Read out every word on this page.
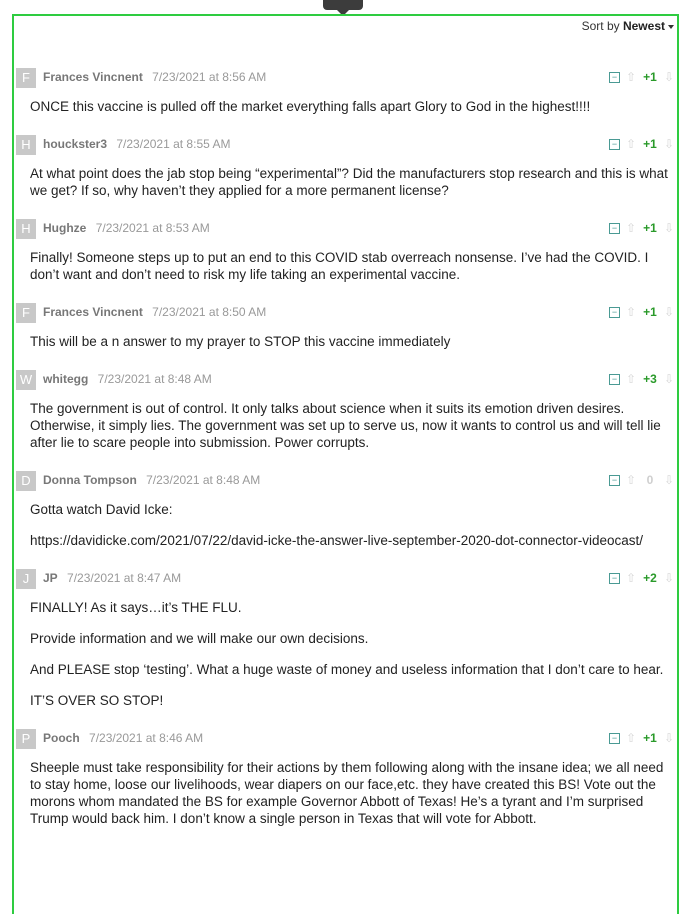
Sort by Newest
F	Frances Vincnent 7/23/2021 at 8:56 AM	− ⇧ +1 ⇩

ONCE this vaccine is pulled off the market everything falls apart Glory to God in the highest!!!!

H	houckster3 7/23/2021 at 8:55 AM	− ⇧ +1 ⇩

At what point does the jab stop being “experimental”? Did the manufacturers stop research and this is what we get? If so, why haven’t they applied for a more permanent license?

H	Hughze 7/23/2021 at 8:53 AM	− ⇧ +1 ⇩

Finally! Someone steps up to put an end to this COVID stab overreach nonsense. I’ve had the COVID. I don’t want and don’t need to risk my life taking an experimental vaccine.

F	Frances Vincnent 7/23/2021 at 8:50 AM	− ⇧ +1 ⇩

This will be a n answer to my prayer to STOP this vaccine immediately

W whitegg 7/23/2021 at 8:48 AM	− ⇧ +3 ⇩

The government is out of control. It only talks about science when it suits its emotion driven desires. Otherwise, it simply lies. The government was set up to serve us, now it wants to control us and will tell lie after lie to scare people into submission. Power corrupts.

D	Donna Tompson 7/23/2021 at 8:48 AM	− ⇧ 0 ⇩

Gotta watch David Icke:

https://davidicke.com/2021/07/22/david-icke-the-answer-live-september-2020-dot-connector-videocast/

J	JP 7/23/2021 at 8:47 AM	− ⇧ +2 ⇩

FINALLY! As it says…it’s THE FLU.

Provide information and we will make our own decisions.

And PLEASE stop ‘testing’. What a huge waste of money and useless information that I don’t care to hear.

IT’S OVER SO STOP!

P	Pooch 7/23/2021 at 8:46 AM	− ⇧ +1 ⇩

Sheeple must take responsibility for their actions by them following along with the insane idea; we all need to stay home, loose our livelihoods, wear diapers on our face,etc. they have created this BS! Vote out the morons whom mandated the BS for example Governor Abbott of Texas! He’s a tyrant and I’m surprised Trump would back him. I don’t know a single person in Texas that will vote for Abbott.
